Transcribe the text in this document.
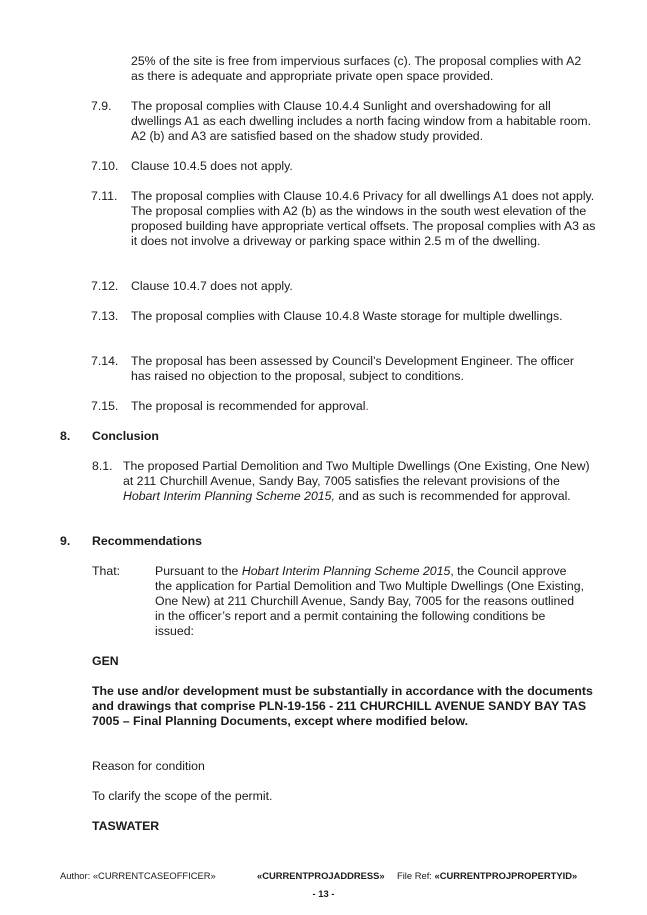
25% of the site is free from impervious surfaces (c). The proposal complies with A2 as there is adequate and appropriate private open space provided.

7.9. The proposal complies with Clause 10.4.4 Sunlight and overshadowing for all dwellings A1 as each dwelling includes a north facing window from a habitable room. A2 (b) and A3 are satisfied based on the shadow study provided.

7.10. Clause 10.4.5 does not apply.

7.11. The proposal complies with Clause 10.4.6 Privacy for all dwellings A1 does not apply. The proposal complies with A2 (b) as the windows in the south west elevation of the proposed building have appropriate vertical offsets. The proposal complies with A3 as it does not involve a driveway or parking space within 2.5 m of the dwelling.

7.12. Clause 10.4.7 does not apply.

7.13. The proposal complies with Clause 10.4.8 Waste storage for multiple dwellings.

7.14. The proposal has been assessed by Council’s Development Engineer. The officer has raised no objection to the proposal, subject to conditions.

7.15. The proposal is recommended for approval.

8. Conclusion
8.1. The proposed Partial Demolition and Two Multiple Dwellings (One Existing, One New) at 211 Churchill Avenue, Sandy Bay, 7005 satisfies the relevant provisions of the Hobart Interim Planning Scheme 2015, and as such is recommended for approval.

9. Recommendations
That:	Pursuant to the Hobart Interim Planning Scheme 2015, the Council approve the application for Partial Demolition and Two Multiple Dwellings (One Existing, One New) at 211 Churchill Avenue, Sandy Bay, 7005 for the reasons outlined in the officer’s report and a permit containing the following conditions be issued:

GEN

The use and/or development must be substantially in accordance with the documents and drawings that comprise PLN-19-156 - 211 CHURCHILL AVENUE SANDY BAY TAS 7005 – Final Planning Documents, except where modified below.

Reason for condition

To clarify the scope of the permit.

TASWATER
Author: «CURRENTCASEOFFICER»	«CURRENTPROJADDRESS» File Ref: «CURRENTPROJPROPERTYID»
- 13 -
